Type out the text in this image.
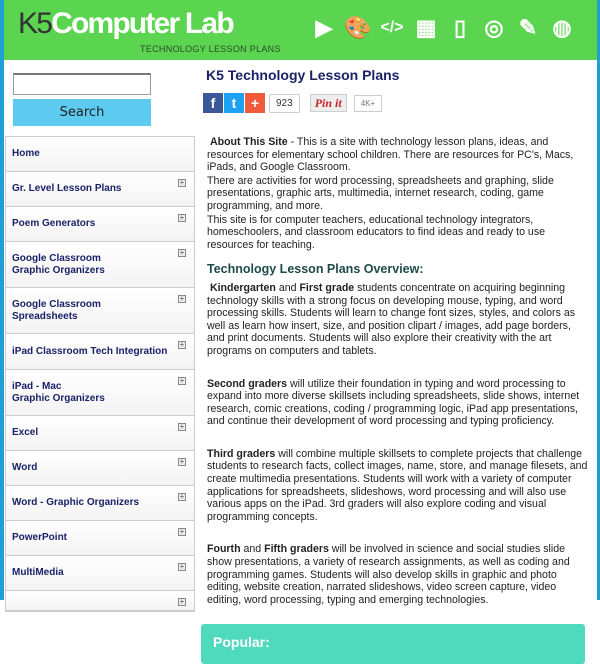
K5Computer Lab
TECHNOLOGY LESSON PLANS
▶ 🎨 </> ▦ ▯ ◎ ✎ ◍
Search
Home
Gr. Level Lesson Plans
+
Poem Generators
+
Google Classroom
Graphic Organizers
+
Google Classroom
Spreadsheets
+
iPad Classroom Tech Integration
+
iPad - Mac
Graphic Organizers
+
Excel
+
Word
+
Word - Graphic Organizers
+
PowerPoint
+
MultiMedia
+
+
K5 Technology Lesson Plans
f	t	+	923	Pin it	4K+

About This Site - This is a site with technology lesson plans, ideas, and resources for elementary school children. There are resources for PC's, Macs, iPads, and Google Classroom.

There are activities for word processing, spreadsheets and graphing, slide presentations, graphic arts, multimedia, internet research, coding, game programming, and more.

This site is for computer teachers, educational technology integrators, homeschoolers, and classroom educators to find ideas and ready to use resources for teaching.

Technology Lesson Plans Overview:

Kindergarten and First grade students concentrate on acquiring beginning technology skills with a strong focus on developing mouse, typing, and word processing skills. Students will learn to change font sizes, styles, and colors as well as learn how insert, size, and position clipart / images, add page borders, and print documents. Students will also explore their creativity with the art programs on computers and tablets.

Second graders will utilize their foundation in typing and word processing to expand into more diverse skillsets including spreadsheets, slide shows, internet research, comic creations, coding / programming logic, iPad app presentations, and continue their development of word processing and typing proficiency.

Third graders will combine multiple skillsets to complete projects that challenge students to research facts, collect images, name, store, and manage filesets, and create multimedia presentations. Students will work with a variety of computer applications for spreadsheets, slideshows, word processing and will also use various apps on the iPad. 3rd graders will also explore coding and visual programming concepts.

Fourth and Fifth graders will be involved in science and social studies slide show presentations, a variety of research assignments, as well as coding and programming games. Students will also develop skills in graphic and photo editing, website creation, narrated slideshows, video screen capture, video editing, word processing, typing and emerging technologies.

Popular:
